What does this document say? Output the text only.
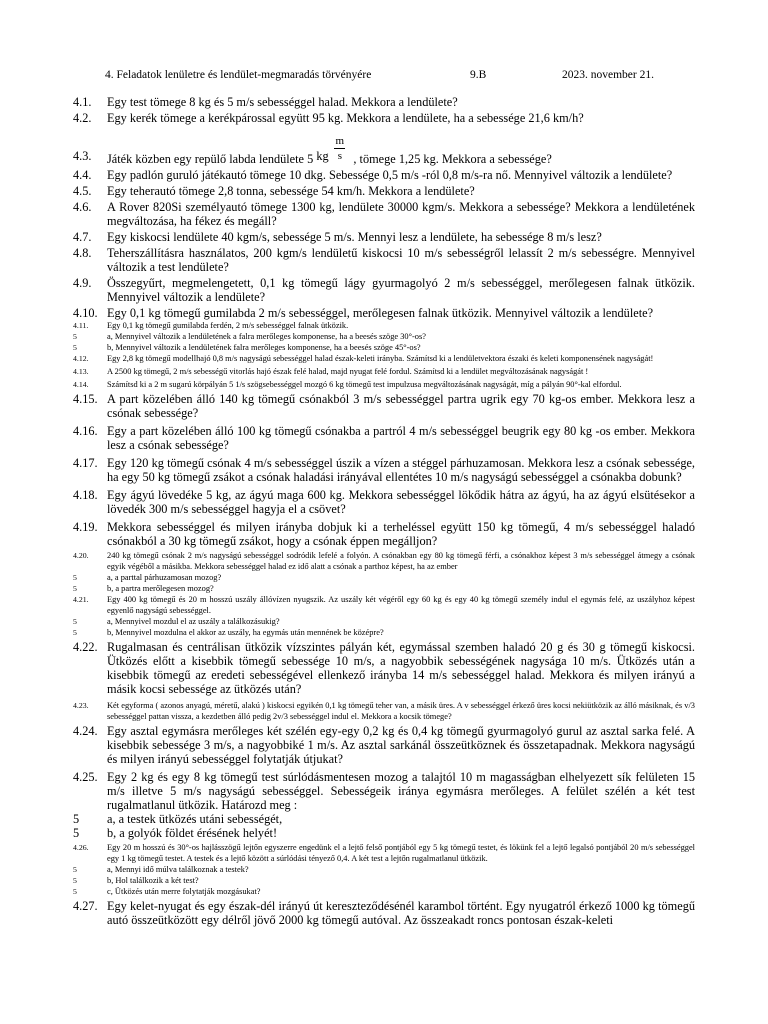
4. Feladatok lenületre és lendület-megmaradás törvényére	9.B	2023. november 21.
4.1.	Egy test tömege 8 kg és 5 m/s sebességgel halad. Mekkora a lendülete?
4.2.	Egy kerék tömege a kerékpárossal együtt 95 kg. Mekkora a lendülete, ha a sebessége 21,6 km/h?
4.3.	Játék közben egy repülő labda lendülete 5 kg
m
s , tömege 1,25 kg. Mekkora a sebessége?
4.4.	Egy padlón guruló játékautó tömege 10 dkg. Sebessége 0,5 m/s -ról 0,8 m/s-ra nő. Mennyivel változik a lendülete?
4.5.	Egy teherautó tömege 2,8 tonna, sebessége 54 km/h. Mekkora a lendülete?
4.6.	A Rover 820Si személyautó tömege 1300 kg, lendülete 30000 kgm/s. Mekkora a sebessége? Mekkora a lendületének megváltozása, ha fékez és megáll?
4.7.	Egy kiskocsi lendülete 40 kgm/s, sebessége 5 m/s. Mennyi lesz a lendülete, ha sebessége 8 m/s lesz?
4.8.	Teherszállításra használatos, 200 kgm/s lendületű kiskocsi 10 m/s sebességről lelassít 2 m/s sebességre. Mennyivel változik a test lendülete?
4.9.	Összegyűrt, megmelengetett, 0,1 kg tömegű lágy gyurmagolyó 2 m/s sebességgel, merőlegesen falnak ütközik. Mennyivel változik a lendülete?
4.10. Egy 0,1 kg tömegű gumilabda 2 m/s sebességgel, merőlegesen falnak ütközik. Mennyivel változik a lendülete?
4.11.	Egy 0,1 kg tömegű gumilabda ferdén, 2 m/s sebességgel falnak ütközik.
5	a, Mennyivel változik a lendületének a falra merőleges komponense, ha a beesés szöge 30°-os?
5	b, Mennyivel változik a lendületének falra merőleges komponense, ha a beesés szöge 45°-os?
4.12.	Egy 2,8 kg tömegű modellhajó 0,8 m/s nagyságú sebességgel halad észak-keleti irányba. Számítsd ki a lendületvektora északi és keleti komponensének nagyságát!
4.13.	A 2500 kg tömegű, 2 m/s sebességű vitorlás hajó észak felé halad, majd nyugat felé fordul. Számítsd ki a lendület megváltozásának nagyságát !
4.14.	Számítsd ki a 2 m sugarú körpályán 5 1/s szögsebességgel mozgó 6 kg tömegű test impulzusa megváltozásának nagyságát, míg a pályán 90°-kal elfordul.
4.15. A part közelében álló 140 kg tömegű csónakból 3 m/s sebességgel partra ugrik egy 70 kg-os ember. Mekkora lesz a csónak sebessége?
4.16. Egy a part közelében álló 100 kg tömegű csónakba a partról 4 m/s sebességgel beugrik egy 80 kg -os ember. Mekkora lesz a csónak sebessége?
4.17. Egy 120 kg tömegű csónak 4 m/s sebességgel úszik a vízen a stéggel párhuzamosan. Mekkora lesz a csónak sebessége, ha egy 50 kg tömegű zsákot a csónak haladási irányával ellentétes 10 m/s nagyságú sebességgel a csónakba dobunk?
4.18. Egy ágyú lövedéke 5 kg, az ágyú maga 600 kg. Mekkora sebességgel lökődik hátra az ágyú, ha az ágyú elsütésekor a lövedék 300 m/s sebességgel hagyja el a csövet?
4.19. Mekkora sebességgel és milyen irányba dobjuk ki a terheléssel együtt 150 kg tömegű, 4 m/s sebességgel haladó csónakból a 30 kg tömegű zsákot, hogy a csónak éppen megálljon?
4.20.	240 kg tömegű csónak 2 m/s nagyságú sebességgel sodródik lefelé a folyón. A csónakban egy 80 kg tömegű férfi, a csónakhoz képest 3 m/s sebességgel átmegy a csónak egyik végéből a másikba. Mekkora sebességgel halad ez idő alatt a csónak a parthoz képest, ha az ember
5	a, a parttal párhuzamosan mozog?
5	b, a partra merőlegesen mozog?
4.21.	Egy 400 kg tömegű és 20 m hosszú uszály állóvízen nyugszik. Az uszály két végéről egy 60 kg és egy 40 kg tömegű személy indul el egymás felé, az uszályhoz képest egyenlő nagyságú sebességgel.
5	a, Mennyivel mozdul el az uszály a találkozásukig?
5	b, Mennyivel mozdulna el akkor az uszály, ha egymás után mennének be középre?
4.22. Rugalmasan és centrálisan ütközik vízszintes pályán két, egymással szemben haladó 20 g és 30 g tömegű kiskocsi. Ütközés előtt a kisebbik tömegű sebessége 10 m/s, a nagyobbik sebességének nagysága 10 m/s. Ütközés után a kisebbik tömegű az eredeti sebességével ellenkező irányba 14 m/s sebességgel halad. Mekkora és milyen irányú a másik kocsi sebessége az ütközés után?
4.23.	Két egyforma ( azonos anyagú, méretű, alakú ) kiskocsi egyikén 0,1 kg tömegű teher van, a másik üres. A v sebességgel érkező üres kocsi nekiütközik az álló másiknak, és v/3 sebességgel pattan vissza, a kezdetben álló pedig 2v/3 sebességgel indul el. Mekkora a kocsik tömege?
4.24. Egy asztal egymásra merőleges két szélén egy-egy 0,2 kg és 0,4 kg tömegű gyurmagolyó gurul az asztal sarka felé. A kisebbik sebessége 3 m/s, a nagyobbiké 1 m/s. Az asztal sarkánál összeütköznek és összetapadnak. Mekkora nagyságú és milyen irányú sebességgel folytatják útjukat?
4.25. Egy 2 kg és egy 8 kg tömegű test súrlódásmentesen mozog a talajtól 10 m magasságban elhelyezett sík felületen 15 m/s illetve 5 m/s nagyságú sebességgel. Sebességeik iránya egymásra merőleges. A felület szélén a két test rugalmatlanul ütközik. Határozd meg :
5	a, a testek ütközés utáni sebességét,
5	b, a golyók földet érésének helyét!
4.26.	Egy 20 m hosszú és 30°-os hajlásszögű lejtőn egyszerre engedünk el a lejtő felső pontjából egy 5 kg tömegű testet, és lökünk fel a lejtő legalsó pontjából 20 m/s sebességgel egy 1 kg tömegű testet. A testek és a lejtő között a súrlódási tényező 0,4. A két test a lejtőn rugalmatlanul ütközik.
5	a, Mennyi idő múlva találkoznak a testek?
5	b, Hol találkozik a két test?
5	c, Ütközés után merre folytatják mozgásukat?
4.27. Egy kelet-nyugat és egy észak-dél irányú út kereszteződésénél karambol történt. Egy nyugatról érkező 1000 kg tömegű autó összeütközött egy délről jövő 2000 kg tömegű autóval. Az összeakadt roncs pontosan észak-keleti
